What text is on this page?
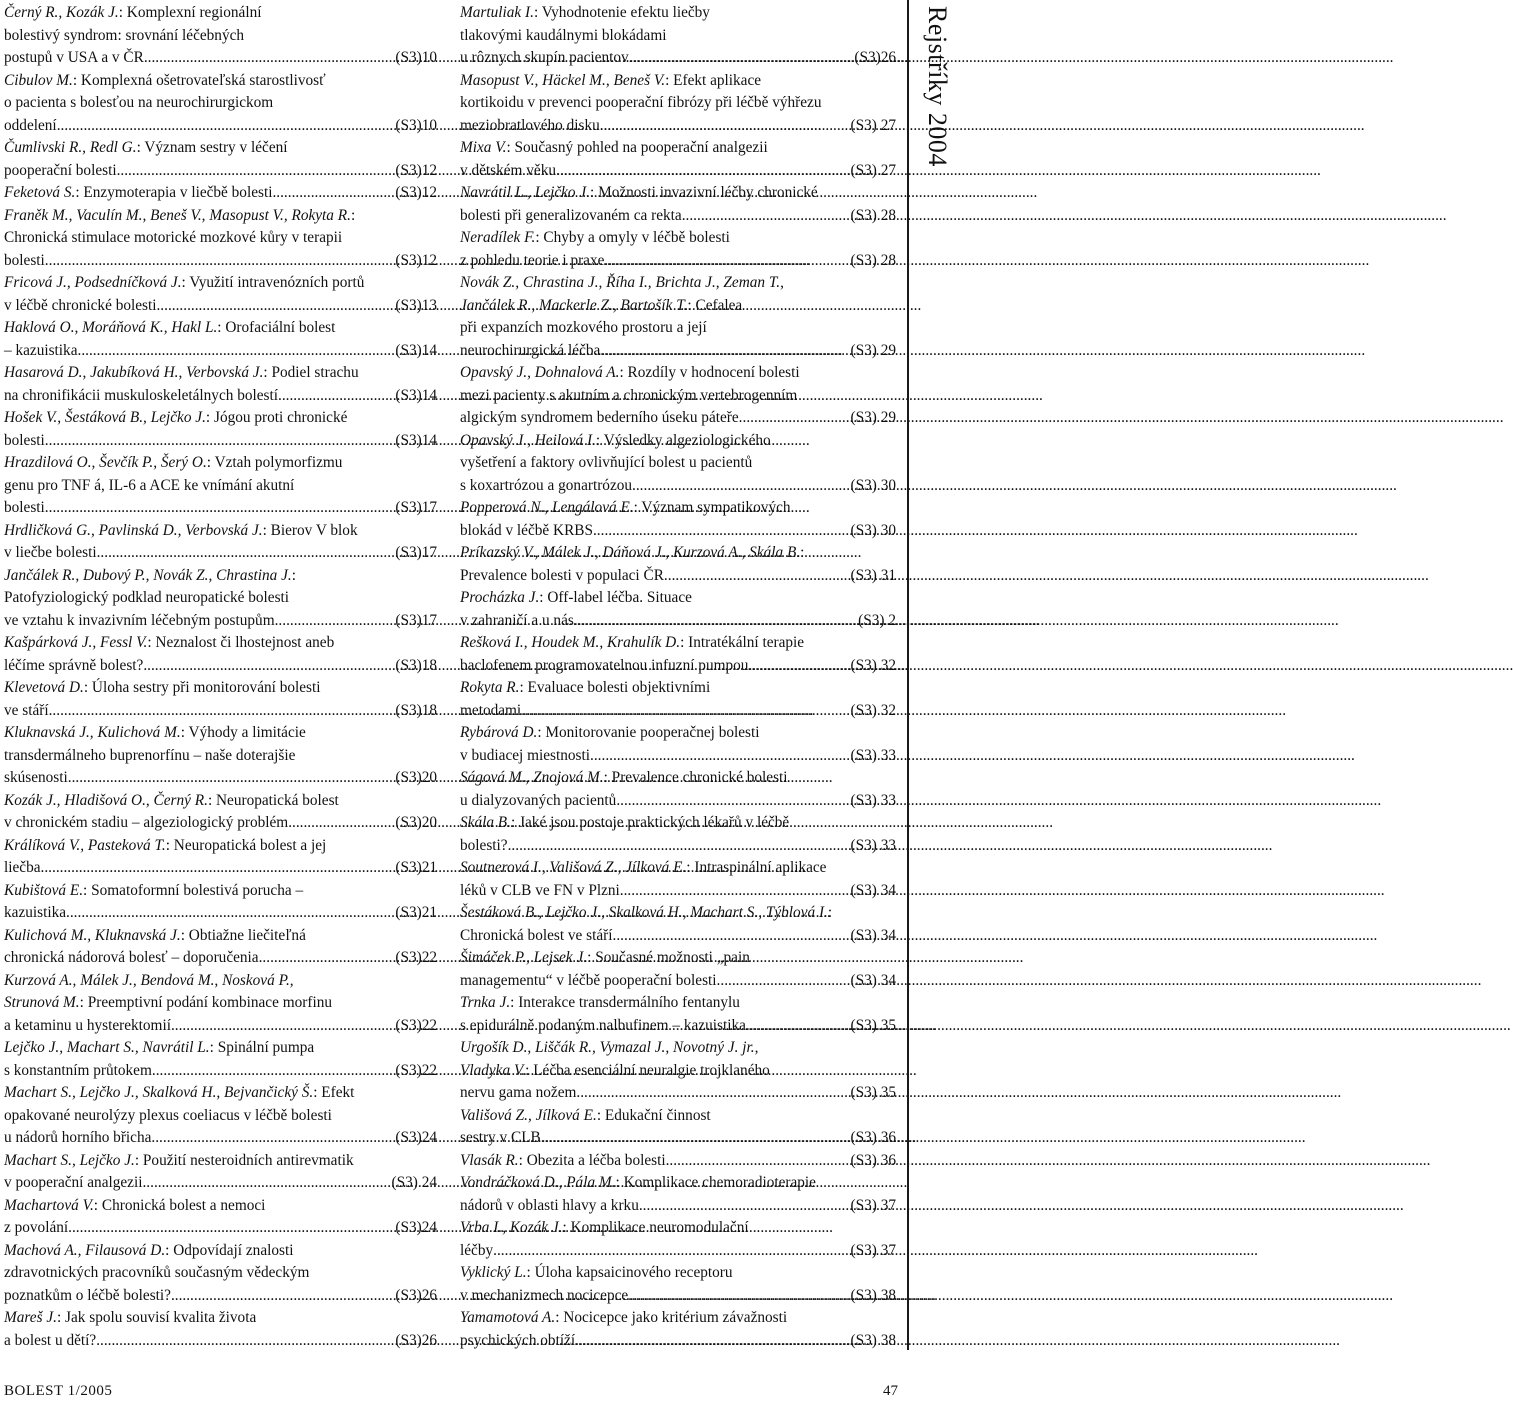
Černý R., Kozák J.: Komplexní regionální
bolestivý syndrom: srovnání léčebných
postupů v USA a v ČR .....	(S3)10
Cibulov M.: Komplexná ošetrovateľská starostlivosť
o pacienta s bolesťou na neurochirurgickom
oddelení .....	(S3)10
Čumlivski R., Redl G.: Význam sestry v léčení
pooperační bolesti .....	(S3)12
Feketová S.: Enzymoterapia v liečbě bolesti .....	(S3)12
Franěk M., Vaculín M., Beneš V., Masopust V., Rokyta R.:
Chronická stimulace motorické mozkové kůry v terapii
bolesti .....	(S3)12
Fricová J., Podsedníčková J.: Využití intravenózních portů
v léčbě chronické bolesti .....	(S3)13
Haklová O., Moráňová K., Hakl L.: Orofaciální bolest
– kazuistika .....	(S3)14
Hasarová D., Jakubíková H., Verbovská J.: Podiel strachu
na chronifikácii muskuloskeletálnych bolestí .....	(S3)14
Hošek V., Šestáková B., Lejčko J.: Jógou proti chronické
bolesti .....	(S3)14
Hrazdilová O., Ševčík P., Šerý O.: Vztah polymorfizmu
genu pro TNF á, IL-6 a ACE ke vnímání akutní
bolesti .....	(S3)17
Hrdličková G., Pavlinská D., Verbovská J.: Bierov V blok
v liečbe bolesti .....	(S3)17
Jančálek R., Dubový P., Novák Z., Chrastina J.:
Patofyziologický podklad neuropatické bolesti
ve vztahu k invazivním léčebným postupům .....	(S3)17
Kašpárková J., Fessl V.: Neznalost či lhostejnost aneb
léčíme správně bolest? .....	(S3)18
Klevetová D.: Úloha sestry při monitorování bolesti
ve stáří .....	(S3)18
Kluknavská J., Kulichová M.: Výhody a limitácie
transdermálneho buprenorfínu – naše doterajšie
skúsenosti .....	(S3)20
Kozák J., Hladišová O., Černý R.: Neuropatická bolest
v chronickém stadiu – algeziologický problém .....	(S3)20
Králíková V., Pasteková T.: Neuropatická bolest a jej
liečba .....	(S3)21
Kubištová E.: Somatoformní bolestivá porucha –
kazuistika .....	(S3)21
Kulichová M., Kluknavská J.: Obtiažne liečiteľná
chronická nádorová bolesť – doporučenia .....	(S3)22
Kurzová A., Málek J., Bendová M., Nosková P.,
Strunová M.: Preemptivní podání kombinace morfinu
a ketaminu u hysterektomií .....	(S3)22
Lejčko J., Machart S., Navrátil L.: Spinální pumpa
s konstantním průtokem .....	(S3)22
Machart S., Lejčko J., Skalková H., Bejvančický Š.: Efekt
opakované neurolýzy plexus coeliacus v léčbě bolesti
u nádorů horního břicha .....	(S3)24
Machart S., Lejčko J.: Použití nesteroidních antirevmatik
v pooperační analgezii .....	(S3) 24
Machartová V.: Chronická bolest a nemoci
z povolání .....	(S3)24
Machová A., Filausová D.: Odpovídají znalosti
zdravotnických pracovníků současným vědeckým
poznatkům o léčbě bolesti? .....	(S3)26
Mareš J.: Jak spolu souvisí kvalita života
a bolest u dětí? .....	(S3)26
Martuliak I.: Vyhodnotenie efektu liečby
tlakovými kaudálnymi blokádami
u rôznych skupín pacientov .....	(S3)26
Masopust V., Häckel M., Beneš V.: Efekt aplikace
kortikoidu v prevenci pooperační fibrózy při léčbě výhřezu
meziobratlového disku .....	(S3) 27
Mixa V.: Současný pohled na pooperační analgezii
v dětském věku .....	(S3) 27
Navrátil L., Lejčko J.: Možnosti invazivní léčby chronické
bolesti při generalizovaném ca rekta .....	(S3) 28
Neradílek F.: Chyby a omyly v léčbě bolesti
z pohledu teorie i praxe .....	(S3) 28
Novák Z., Chrastina J., Říha I., Brichta J., Zeman T.,
Jančálek R., Mackerle Z., Bartošík T.: Cefalea
při expanzích mozkového prostoru a její
neurochirurgická léčba .....	(S3) 29
Opavský J., Dohnalová A.: Rozdíly v hodnocení bolesti
mezi pacienty s akutním a chronickým vertebrogenním
algickým syndromem bederního úseku páteře .....	(S3) 29
Opavský J., Heilová I.: Výsledky algeziologického
vyšetření a faktory ovlivňující bolest u pacientů
s koxartrózou a gonartrózou .....	(S3) 30
Popperová N., Lengálová E.: Význam sympatikových
blokád v léčbě KRBS .....	(S3) 30
Príkazský V., Málek J., Dáňová J., Kurzová A., Skála B.:
Prevalence bolesti v populaci ČR .....	(S3) 31
Procházka J.: Off-label léčba. Situace
v zahraničí a u nás .....	(S3) 2
Rešková I., Houdek M., Krahulík D.: Intratékální terapie
baclofenem programovatelnou infuzní pumpou .....	(S3) 32
Rokyta R.: Evaluace bolesti objektivními
metodami .....	(S3) 32
Rybárová D.: Monitorovanie pooperačnej bolesti
v budiacej miestnosti .....	(S3) 33
Ságová M., Znojová M.: Prevalence chronické bolesti
u dialyzovaných pacientů .....	(S3) 33
Skála B.: Jaké jsou postoje praktických lékařů v léčbě
bolesti? .....	(S3) 33
Soutnerová I., Vališová Z., Jílková E.: Intraspinální aplikace
léků v CLB ve FN v Plzni .....	(S3) 34
Šestáková B., Lejčko J., Skalková H., Machart S., Týblová I.:
Chronická bolest ve stáří .....	(S3) 34
Šimáček P., Lejsek J.: Současné možnosti „pain
managementu“ v léčbě pooperační bolesti .....	(S3) 34
Trnka J.: Interakce transdermálního fentanylu
s epidurálně podaným nalbufinem – kazuistika .....	(S3) 35
Urgošík D., Liščák R., Vymazal J., Novotný J. jr.,
Vladyka V.: Léčba esenciální neuralgie trojklaného
nervu gama nožem .....	(S3) 35
Vališová Z., Jílková E.: Edukační činnost
sestry v CLB .....	(S3) 36
Vlasák R.: Obezita a léčba bolesti .....	(S3) 36
Vondráčková D., Pála M.: Komplikace chemoradioterapie
nádorů v oblasti hlavy a krku .....	(S3) 37
Vrba I., Kozák J.: Komplikace neuromodulační
léčby .....	(S3) 37
Vyklický L.: Úloha kapsaicinového receptoru
v mechanizmech nocicepce .....	(S3) 38
Yamamotová A.: Nocicepce jako kritérium závažnosti
psychických obtíží .....	(S3) 38
Rejstříky 2004
BOLEST 1/2005	47
